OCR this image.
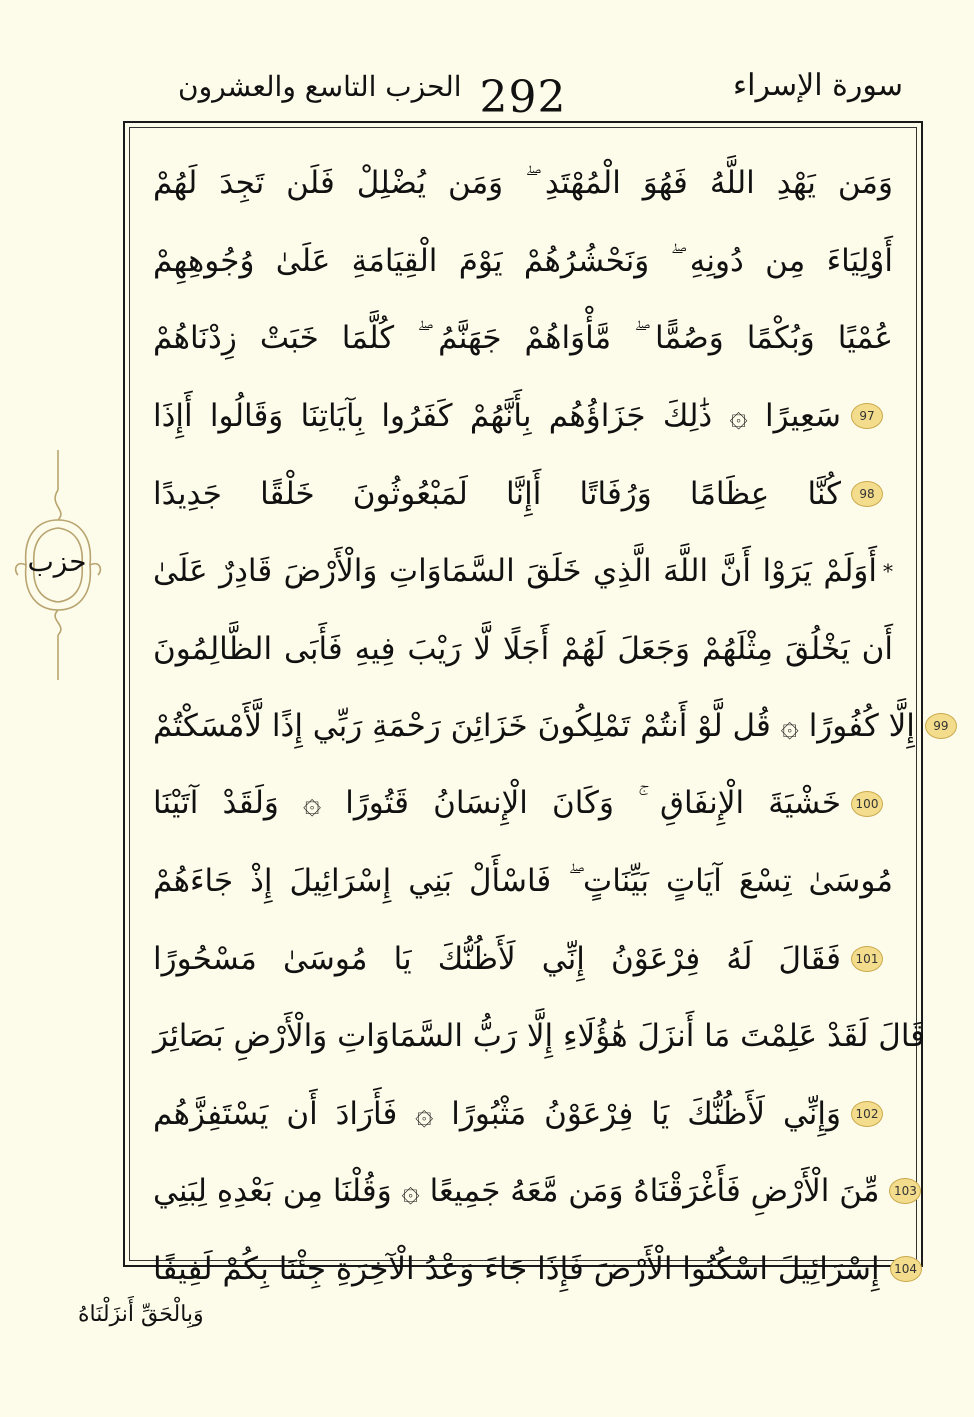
الحزب التاسع والعشرون 292	سورة الإسراء
حزب
وَمَن يَهْدِ اللَّهُ فَهُوَ الْمُهْتَدِ ۖ وَمَن يُضْلِلْ فَلَن تَجِدَ لَهُمْ
أَوْلِيَاءَ مِن دُونِهِ ۖ وَنَحْشُرُهُمْ يَوْمَ الْقِيَامَةِ عَلَىٰ وُجُوهِهِمْ
عُمْيًا وَبُكْمًا وَصُمًّا ۖ مَّأْوَاهُمْ جَهَنَّمُ ۖ كُلَّمَا خَبَتْ زِدْنَاهُمْ
سَعِيرًا ۞ ذَٰلِكَ جَزَاؤُهُم بِأَنَّهُمْ كَفَرُوا بِآيَاتِنَا وَقَالُوا أَإِذَا	97
كُنَّا عِظَامًا وَرُفَاتًا أَإِنَّا لَمَبْعُوثُونَ خَلْقًا جَدِيدًا	98
أَوَلَمْ يَرَوْا أَنَّ اللَّهَ الَّذِي خَلَقَ السَّمَاوَاتِ وَالْأَرْضَ قَادِرٌ عَلَىٰ *
أَن يَخْلُقَ مِثْلَهُمْ وَجَعَلَ لَهُمْ أَجَلًا لَّا رَيْبَ فِيهِ فَأَبَى الظَّالِمُونَ
إِلَّا كُفُورًا ۞ قُل لَّوْ أَنتُمْ تَمْلِكُونَ خَزَائِنَ رَحْمَةِ رَبِّي إِذًا لَّأَمْسَكْتُمْ	99
خَشْيَةَ الْإِنفَاقِ ۚ وَكَانَ الْإِنسَانُ قَتُورًا ۞ وَلَقَدْ آتَيْنَا	100
مُوسَىٰ تِسْعَ آيَاتٍ بَيِّنَاتٍ ۖ فَاسْأَلْ بَنِي إِسْرَائِيلَ إِذْ جَاءَهُمْ
فَقَالَ لَهُ فِرْعَوْنُ إِنِّي لَأَظُنُّكَ يَا مُوسَىٰ مَسْحُورًا	101
قَالَ لَقَدْ عَلِمْتَ مَا أَنزَلَ هَٰؤُلَاءِ إِلَّا رَبُّ السَّمَاوَاتِ وَالْأَرْضِ بَصَائِرَ
وَإِنِّي لَأَظُنُّكَ يَا فِرْعَوْنُ مَثْبُورًا ۞ فَأَرَادَ أَن يَسْتَفِزَّهُم	102
مِّنَ الْأَرْضِ فَأَغْرَقْنَاهُ وَمَن مَّعَهُ جَمِيعًا ۞ وَقُلْنَا مِن بَعْدِهِ لِبَنِي	103
إِسْرَائِيلَ اسْكُنُوا الْأَرْضَ فَإِذَا جَاءَ وَعْدُ الْآخِرَةِ جِئْنَا بِكُمْ لَفِيفًا	104
وَبِالْحَقِّ أَنزَلْنَاهُ
